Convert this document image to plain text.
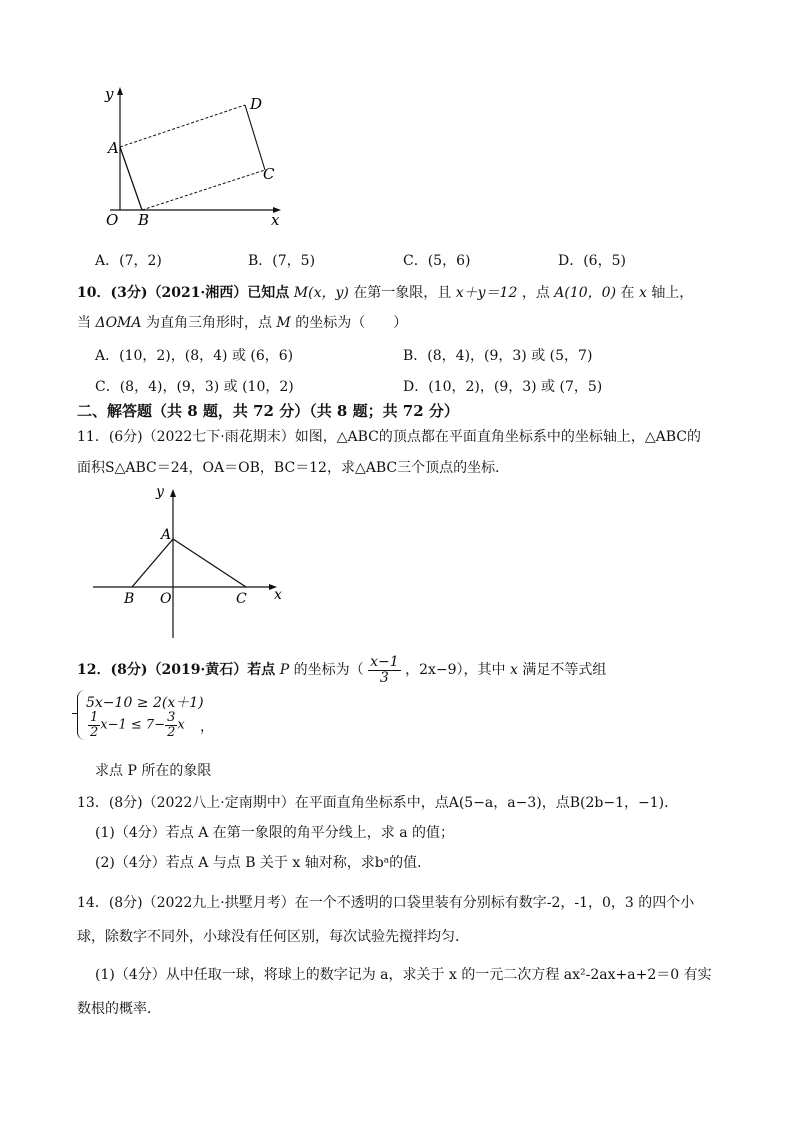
y
A
D
C
O B	x
A．(7，2)	B．(7，5)	C．(5，6)	D．(6，5)
10．(3分)（2021·湘西）已知点 M(x，y) 在第一象限，且 x＋y＝12 ，点 A(10，0) 在 x 轴上，
当 ΔOMA 为直角三角形时，点 M 的坐标为（　　）
A．(10，2)，(8，4) 或 (6，6)	B．(8，4)，(9，3) 或 (5，7)
C．(8，4)，(9，3) 或 (10，2)	D．(10，2)，(9，3) 或 (7，5)
二、解答题（共 8 题，共 72 分）（共 8 题；共 72 分）
11．(6分)（2022七下·雨花期末）如图，△ABC的顶点都在平面直角坐标系中的坐标轴上，△ABC的
面积S△ABC＝24，OA＝OB，BC＝12，求△ABC三个顶点的坐标．
y
A
B O	C x
12．(8分)（2019·黄石）若点 P 的坐标为（ $\frac{x-1}{3}$ ，2x−9），其中 x 满足不等式组
5x−10 ≥ 2(x＋1)
$\frac{1}{2} x-1 \le 7- \frac{3}{2}$ x ，
求点 P 所在的象限
13．(8分)（2022八上·定南期中）在平面直角坐标系中，点A(5−a，a−3)，点B(2b−1，−1)．
(1)（4分）若点 A 在第一象限的角平分线上，求 a 的值；
(2)（4分）若点 A 与点 B 关于 x 轴对称，求bᵃ的值．
14．(8分)（2022九上·拱墅月考）在一个不透明的口袋里装有分别标有数字-2，-1，0，3 的四个小
球，除数字不同外，小球没有任何区别，每次试验先搅拌均匀．
(1)（4分）从中任取一球，将球上的数字记为 a，求关于 x 的一元二次方程 ax²-2ax+a+2＝0 有实
数根的概率．
